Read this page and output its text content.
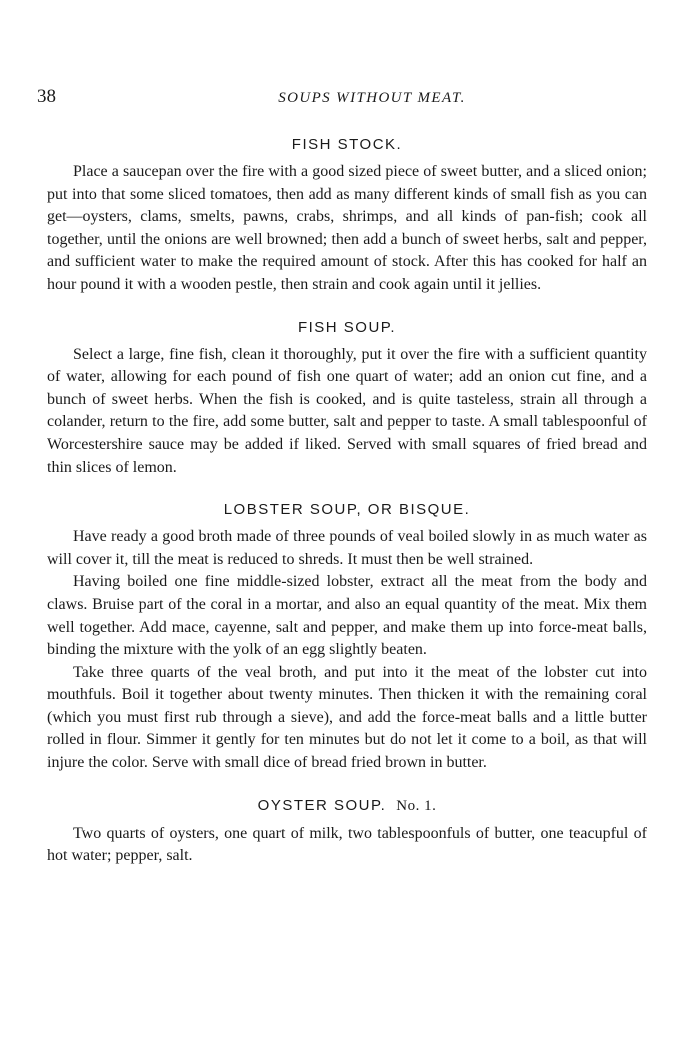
38	SOUPS WITHOUT MEAT.
FISH STOCK.

Place a saucepan over the fire with a good sized piece of sweet butter, and a sliced onion; put into that some sliced tomatoes, then add as many different kinds of small fish as you can get—oysters, clams, smelts, pawns, crabs, shrimps, and all kinds of pan-fish; cook all together, until the onions are well browned; then add a bunch of sweet herbs, salt and pepper, and sufficient water to make the required amount of stock. After this has cooked for half an hour pound it with a wooden pestle, then strain and cook again until it jellies.

FISH SOUP.

Select a large, fine fish, clean it thoroughly, put it over the fire with a sufficient quantity of water, allowing for each pound of fish one quart of water; add an onion cut fine, and a bunch of sweet herbs. When the fish is cooked, and is quite tasteless, strain all through a colander, return to the fire, add some butter, salt and pepper to taste. A small tablespoonful of Worcestershire sauce may be added if liked. Served with small squares of fried bread and thin slices of lemon.

LOBSTER SOUP, OR BISQUE.

Have ready a good broth made of three pounds of veal boiled slowly in as much water as will cover it, till the meat is reduced to shreds. It must then be well strained.

Having boiled one fine middle-sized lobster, extract all the meat from the body and claws. Bruise part of the coral in a mortar, and also an equal quantity of the meat. Mix them well together. Add mace, cayenne, salt and pepper, and make them up into force-meat balls, binding the mixture with the yolk of an egg slightly beaten.

Take three quarts of the veal broth, and put into it the meat of the lobster cut into mouthfuls. Boil it together about twenty minutes. Then thicken it with the remaining coral (which you must first rub through a sieve), and add the force-meat balls and a little butter rolled in flour. Simmer it gently for ten minutes but do not let it come to a boil, as that will injure the color. Serve with small dice of bread fried brown in butter.

OYSTER SOUP. No. 1.

Two quarts of oysters, one quart of milk, two tablespoonfuls of butter, one teacupful of hot water; pepper, salt.
